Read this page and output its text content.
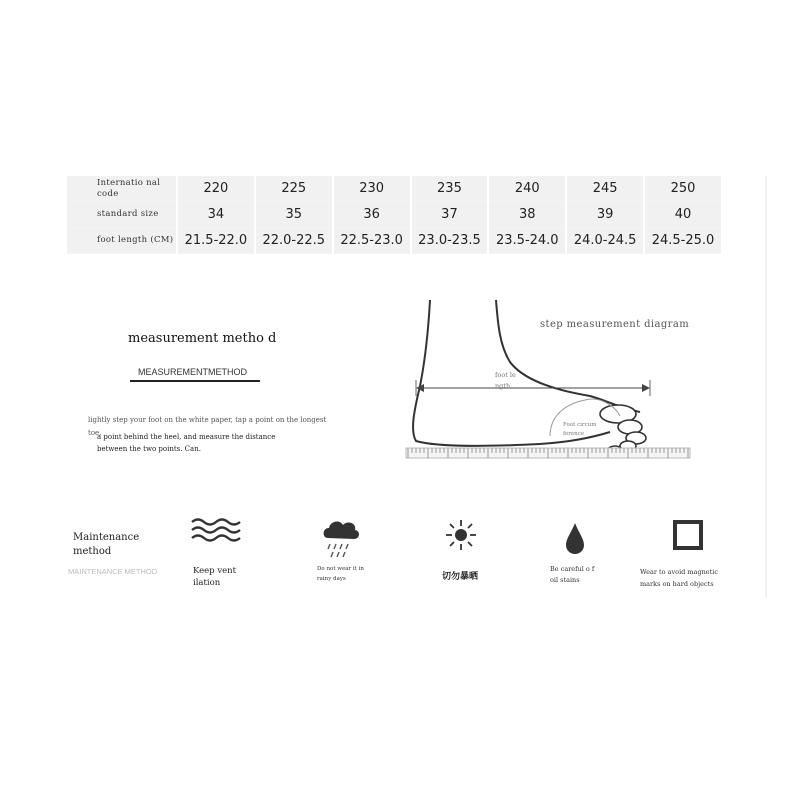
Internatio nal code	220	225	230	235	240	245	250
standard size	34	35	36	37	38	39	40
foot length (CM)	21.5-22.0	22.0-22.5	22.5-23.0	23.0-23.5	23.5-24.0	24.0-24.5	24.5-25.0
measurement metho d
MEASUREMENTMETHOD
lightly step your foot on the white paper, tap a point on the longest toe,
a point behind the heel, and measure the distance between the two points. Can.
step measurement diagram
foot le ngth
Foot circum ference
Maintenance method
MAINTENANCE METHOD	Keep vent ilation
Do not wear it in rainy days	切勿暴晒
Be careful o f oil stains
Wear to avoid magnetic marks on hard objects
